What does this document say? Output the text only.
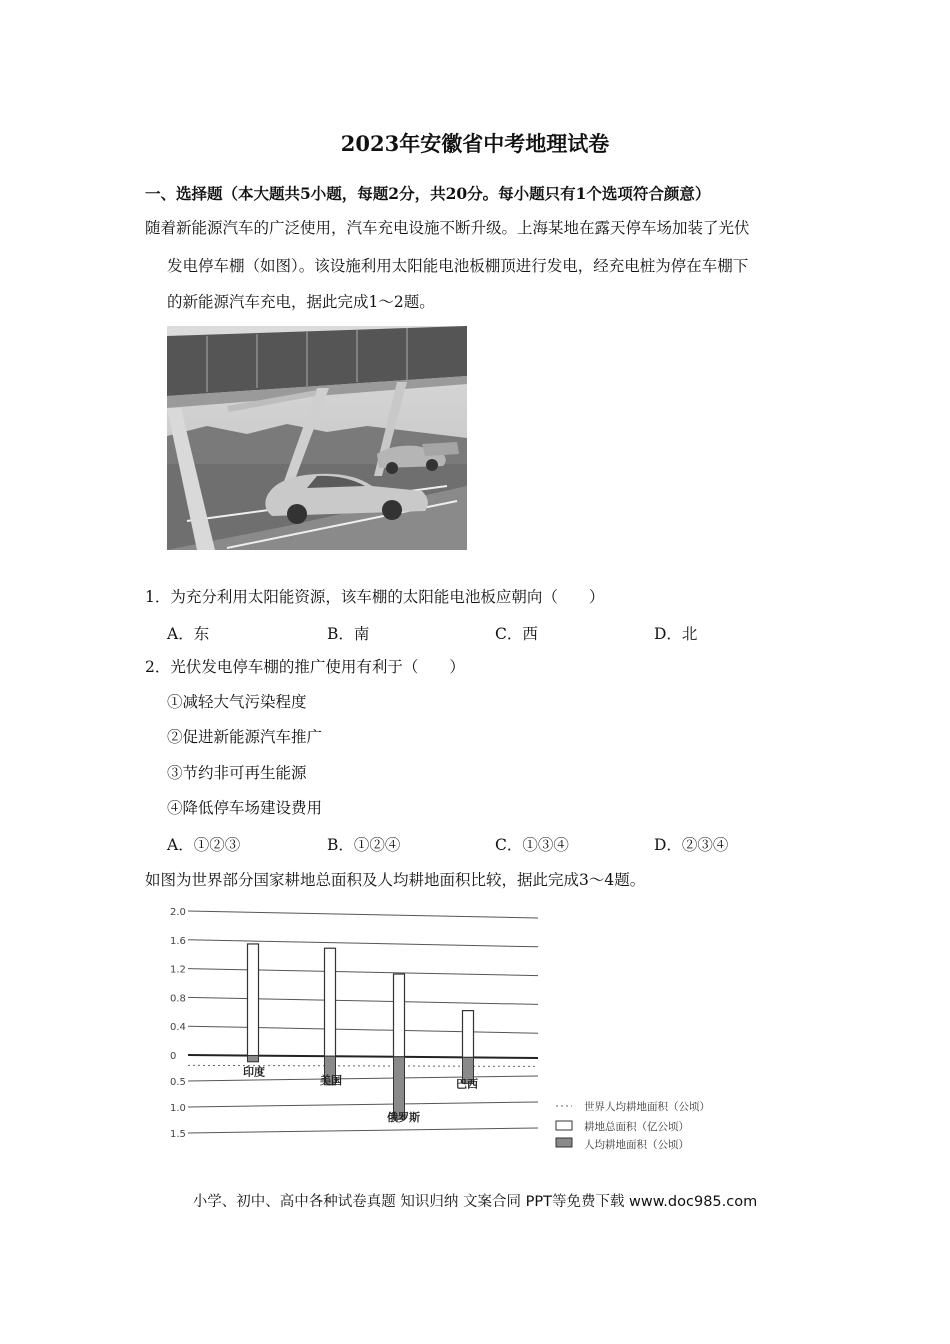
2023年安徽省中考地理试卷
一、选择题（本大题共5小题，每题2分，共20分。每小题只有1个选项符合颜意）
随着新能源汽车的广泛使用，汽车充电设施不断升级。上海某地在露天停车场加装了光伏
发电停车棚（如图）。该设施利用太阳能电池板棚顶进行发电，经充电桩为停在车棚下
的新能源汽车充电，据此完成1～2题。
1．为充分利用太阳能资源，该车棚的太阳能电池板应朝向（　　）
A．东	B．南	C．西	D．北
2．光伏发电停车棚的推广使用有利于（　　）
①减轻大气污染程度
②促进新能源汽车推广
③节约非可再生能源
④降低停车场建设费用
A．①②③	B．①②④	C．①③④	D．②③④
如图为世界部分国家耕地总面积及人均耕地面积比较，据此完成3～4题。
2.0
1.6
1.2
0.8
0.4
0
0.5
1.0
1.5
印度
美国
俄罗斯
巴西
世界人均耕地面积（公顷）
耕地总面积（亿公顷）
人均耕地面积（公顷）
小学、初中、高中各种试卷真题 知识归纳 文案合同 PPT等免费下载 www.doc985.com
